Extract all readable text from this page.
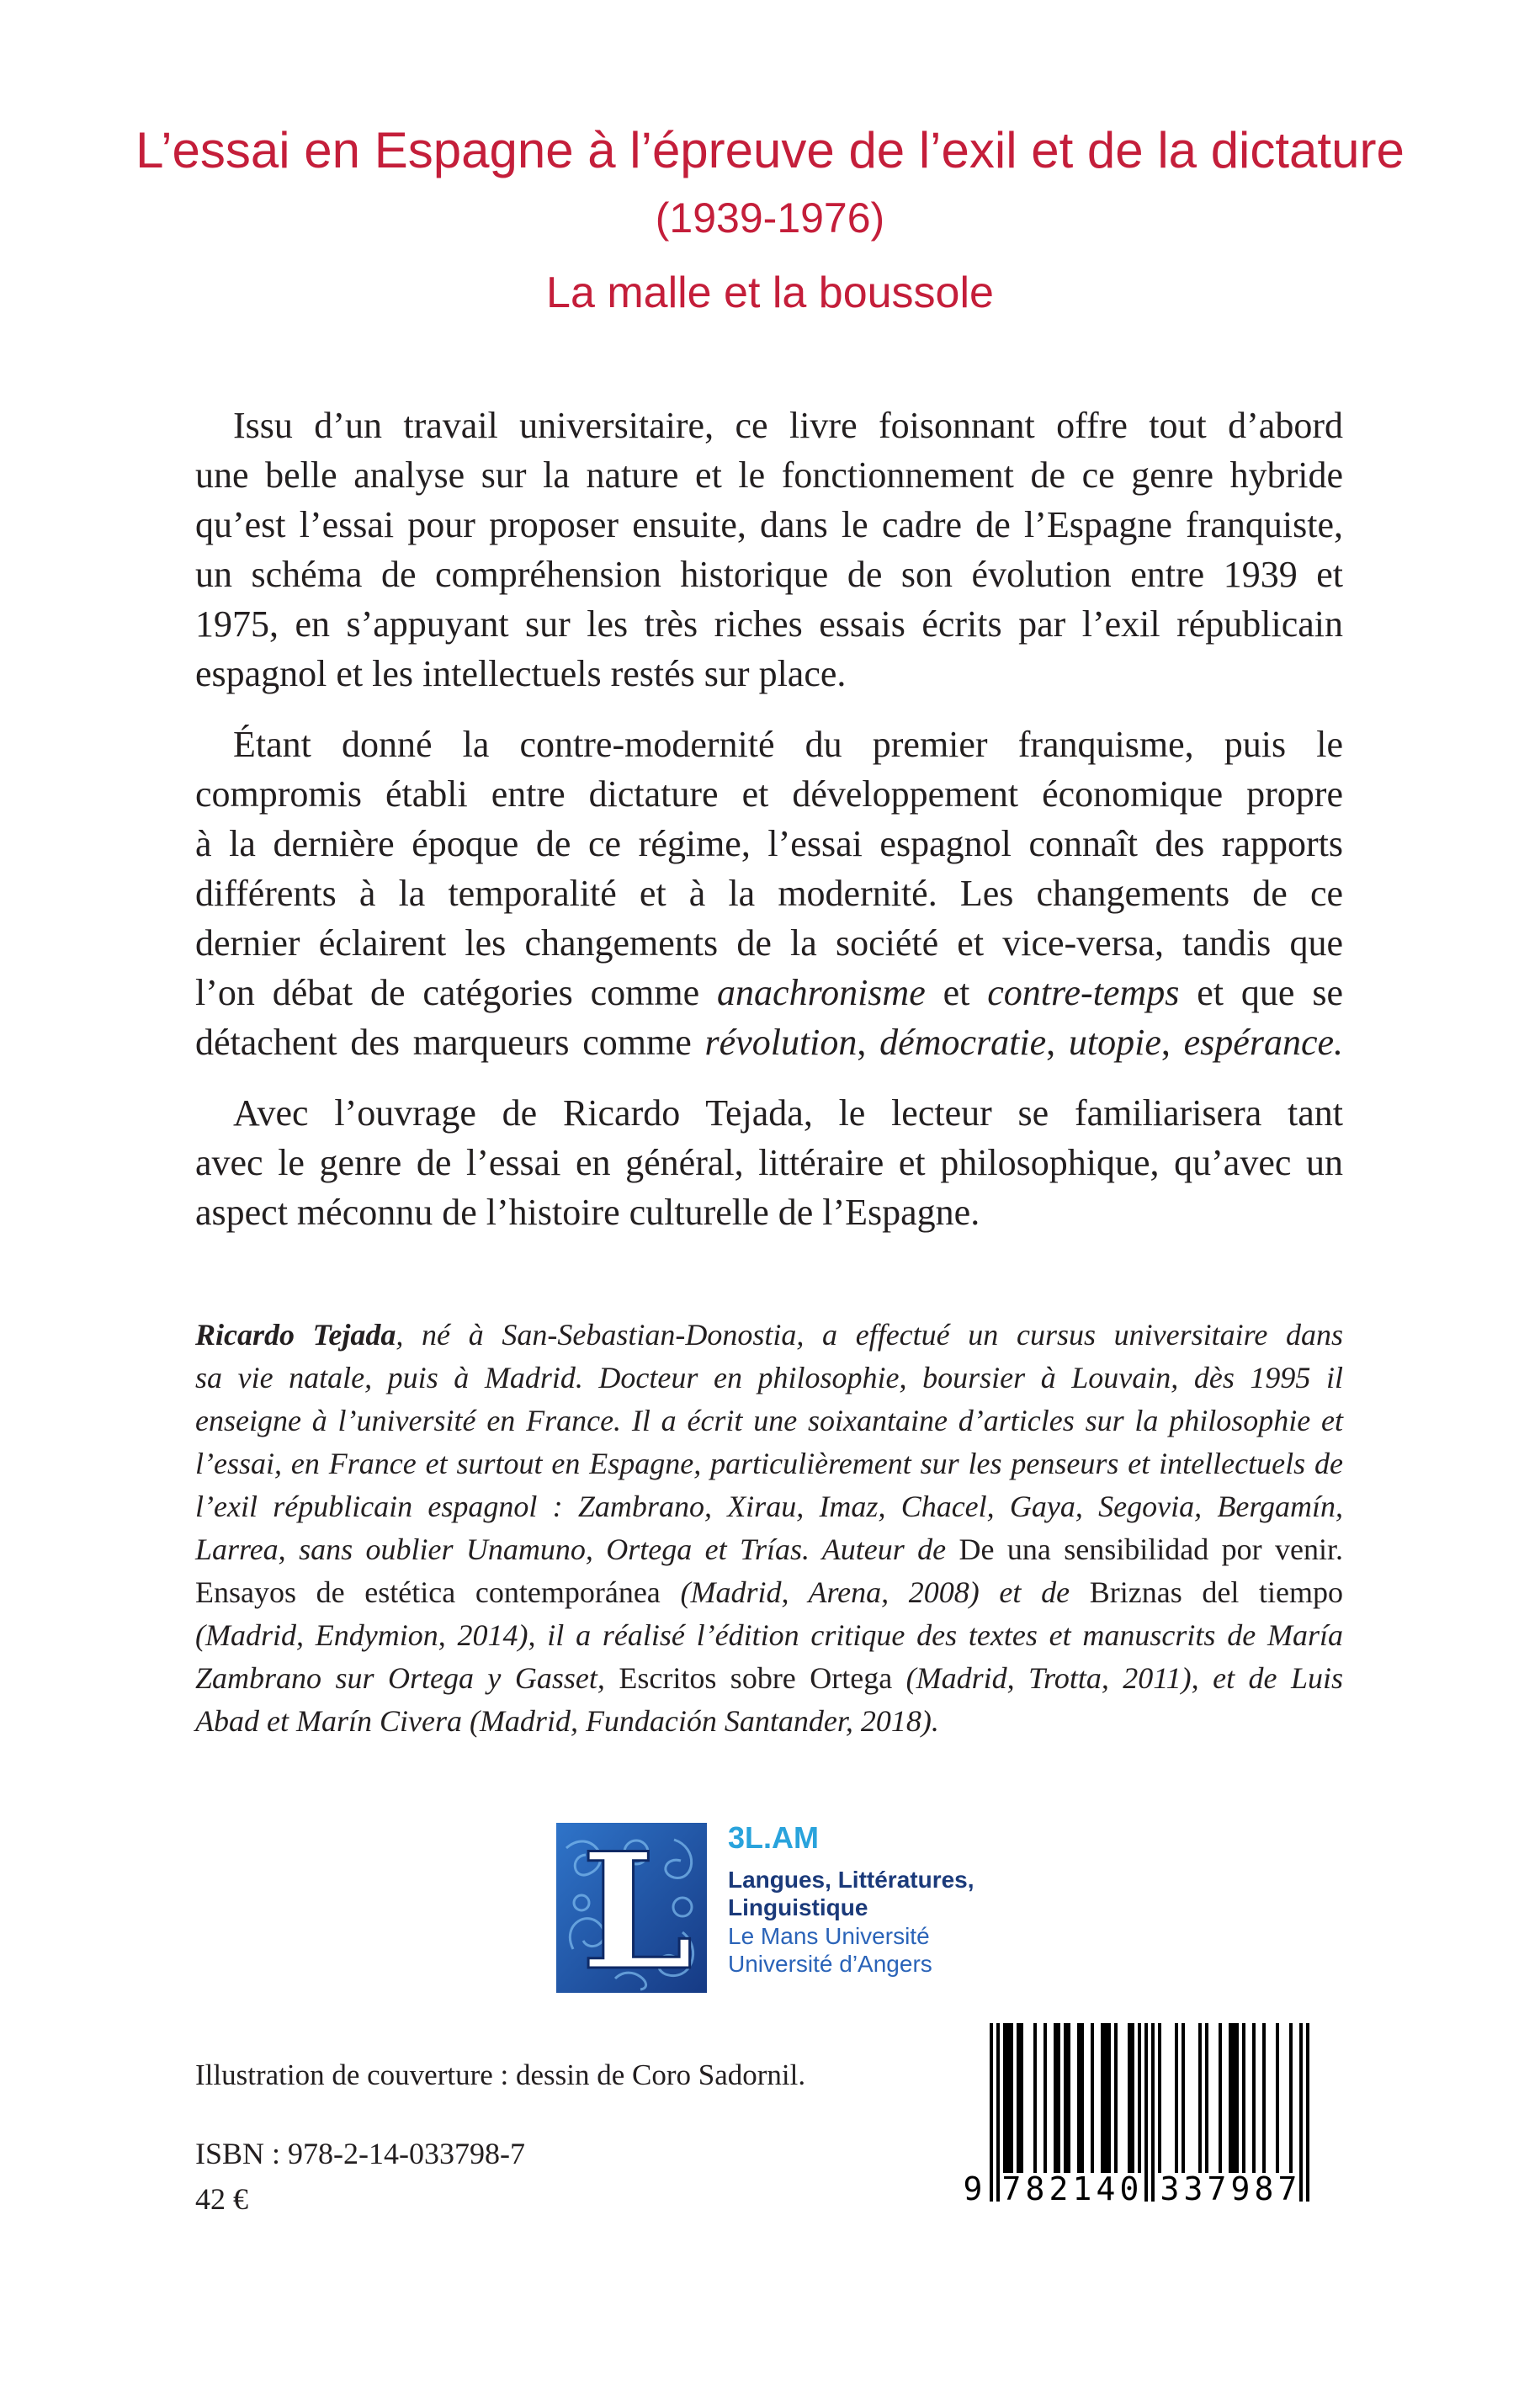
L’essai en Espagne à l’épreuve de l’exil et de la dictature
(1939-1976)
La malle et la boussole
Issu d’un travail universitaire, ce livre foisonnant offre tout d’abord
une belle analyse sur la nature et le fonctionnement de ce genre hybride
qu’est l’essai pour proposer ensuite, dans le cadre de l’Espagne franquiste,
un schéma de compréhension historique de son évolution entre 1939 et
1975, en s’appuyant sur les très riches essais écrits par l’exil républicain
espagnol et les intellectuels restés sur place.
Étant donné la contre-modernité du premier franquisme, puis le
compromis établi entre dictature et développement économique propre
à la dernière époque de ce régime, l’essai espagnol connaît des rapports
différents à la temporalité et à la modernité. Les changements de ce
dernier éclairent les changements de la société et vice-versa, tandis que
l’on débat de catégories comme anachronisme et contre-temps et que se
détachent des marqueurs comme révolution, démocratie, utopie, espérance.
Avec l’ouvrage de Ricardo Tejada, le lecteur se familiarisera tant
avec le genre de l’essai en général, littéraire et philosophique, qu’avec un
aspect méconnu de l’histoire culturelle de l’Espagne.
Ricardo Tejada, né à San-Sebastian-Donostia, a effectué un cursus universitaire dans
sa vie natale, puis à Madrid. Docteur en philosophie, boursier à Louvain, dès 1995 il
enseigne à l’université en France. Il a écrit une soixantaine d’articles sur la philosophie et
l’essai, en France et surtout en Espagne, particulièrement sur les penseurs et intellectuels de
l’exil républicain espagnol : Zambrano, Xirau, Imaz, Chacel, Gaya, Segovia, Bergamín,
Larrea, sans oublier Unamuno, Ortega et Trías. Auteur de De una sensibilidad por venir.
Ensayos de estética contemporánea (Madrid, Arena, 2008) et de Briznas del tiempo
(Madrid, Endymion, 2014), il a réalisé l’édition critique des textes et manuscrits de María
Zambrano sur Ortega y Gasset, Escritos sobre Ortega (Madrid, Trotta, 2011), et de Luis
Abad et Marín Civera (Madrid, Fundación Santander, 2018).
L 3L.AM
Langues, Littératures,
Linguistique
Le Mans Université
Université d’Angers
Illustration de couverture : dessin de Coro Sadornil.
ISBN : 978-2-14-033798-7
42 €	9 7 8 2 1 4 0 3 3 7 9 8 7
